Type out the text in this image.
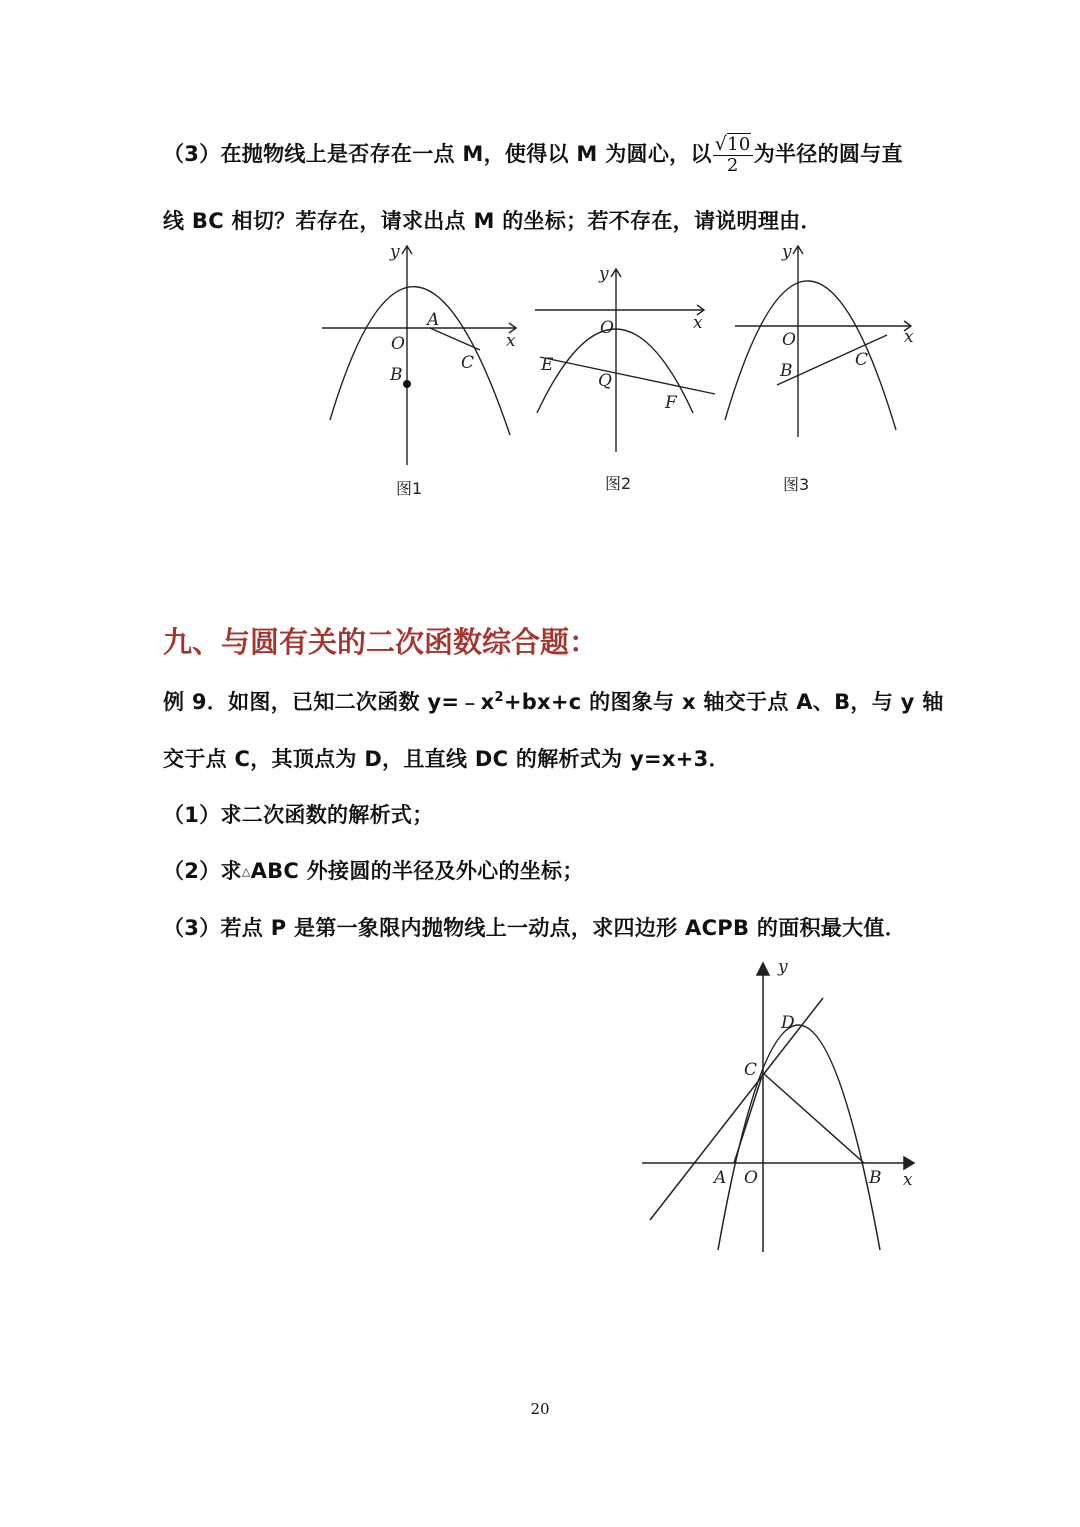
（3）在抛物线上是否存在一点 M，使得以 M 为圆心，以 $\frac{√10}{2}$ 为半径的圆与直
线 BC 相切？若存在，请求出点 M 的坐标；若不存在，请说明理由．
y
x
O
A
B
C
图1
y
x
O
E
Q
F
图2
y
x
O
B
C
图3
九、与圆有关的二次函数综合题：
例 9．如图，已知二次函数 $y=﹣x^2+bx+c$ 的图象与 x 轴交于点 A、B，与 y 轴
交于点 C，其顶点为 D，且直线 DC 的解析式为 y=x+3．
（1）求二次函数的解析式；
（2）求△ABC 外接圆的半径及外心的坐标；
（3）若点 P 是第一象限内抛物线上一动点，求四边形 ACPB 的面积最大值．
y
x
D
C
A O	B
20
